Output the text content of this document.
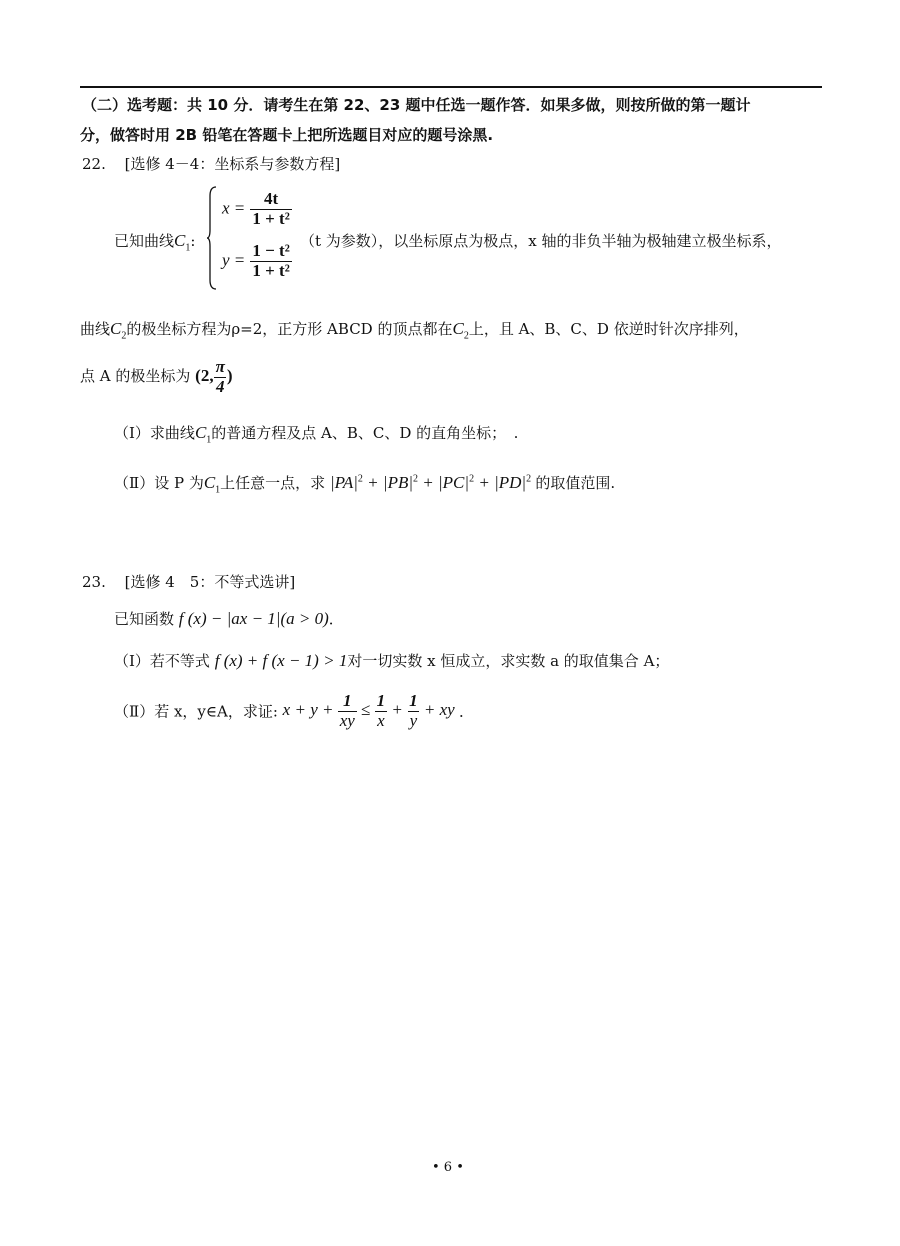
（二）选考题：共 10 分．请考生在第 22、23 题中任选一题作答．如果多做，则按所做的第一题计
分，做答时用 2B 铅笔在答题卡上把所选题目对应的题号涂黑.
22. [选修 4－4：坐标系与参数方程]
已知曲线$C_1$:
$x = \frac{4t}{\text{1 + t²}}$
$y = \frac{\text{1 − t²}}{\text{1 + t²}}$
（t 为参数），以坐标原点为极点，x 轴的非负半轴为极轴建立极坐标系，
曲线$C_2$的极坐标方程为ρ=2，正方形 ABCD 的顶点都在$C_2$上，且 A、B、C、D 依逆时针次序排列，
点 A 的极坐标为 (2, $\frac{\pi}{4}$ )
（Ⅰ）求曲线$C_1$的普通方程及点 A、B、C、D 的直角坐标；　.
（Ⅱ）设 P 为$C_1$上任意一点，求 $|PA|^2 + |PB|^2 + |PC|^2 + |PD|^2$ 的取值范围.
23. [选修 4　5：不等式选讲]
已知函数 f (x) − |ax − 1|(a > 0)．
（Ⅰ）若不等式 f (x) + f (x − 1) > 1对一切实数 x 恒成立，求实数 a 的取值集合 A；
（Ⅱ）若 x，y∈A，求证: $x + y + \frac{1}{xy} \le \frac{1}{x} + \frac{1}{y}$ + xy ．
• 6 •
